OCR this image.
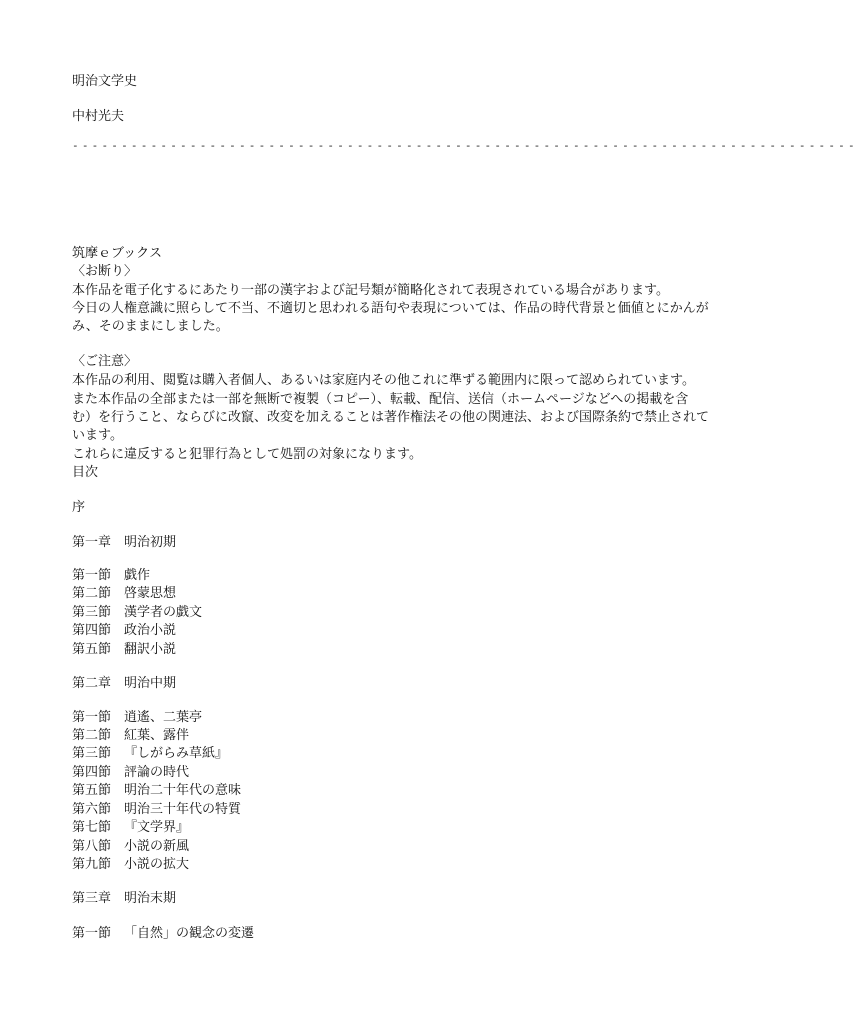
明治文学史
中村光夫
--------------------------------------------------------------------------------
筑摩ｅブックス
〈お断り〉
本作品を電子化するにあたり一部の漢字および記号類が簡略化されて表現されている場合があります。
今日の人権意識に照らして不当、不適切と思われる語句や表現については、作品の時代背景と価値とにかんが
み、そのままにしました。
〈ご注意〉
本作品の利用、閲覧は購入者個人、あるいは家庭内その他これに準ずる範囲内に限って認められています。
また本作品の全部または一部を無断で複製（コピー）、転載、配信、送信（ホームページなどへの掲載を含
む）を行うこと、ならびに改竄、改変を加えることは著作権法その他の関連法、および国際条約で禁止されて
います。
これらに違反すると犯罪行為として処罰の対象になります。
目次
序
第一章 明治初期
第一節 戯作
第二節 啓蒙思想
第三節 漢学者の戯文
第四節 政治小説
第五節 翻訳小説
第二章 明治中期
第一節 逍遙、二葉亭
第二節 紅葉、露伴
第三節 『しがらみ草紙』
第四節 評論の時代
第五節 明治二十年代の意味
第六節 明治三十年代の特質
第七節 『文学界』
第八節 小説の新風
第九節 小説の拡大
第三章 明治末期
第一節 「自然」の観念の変遷
